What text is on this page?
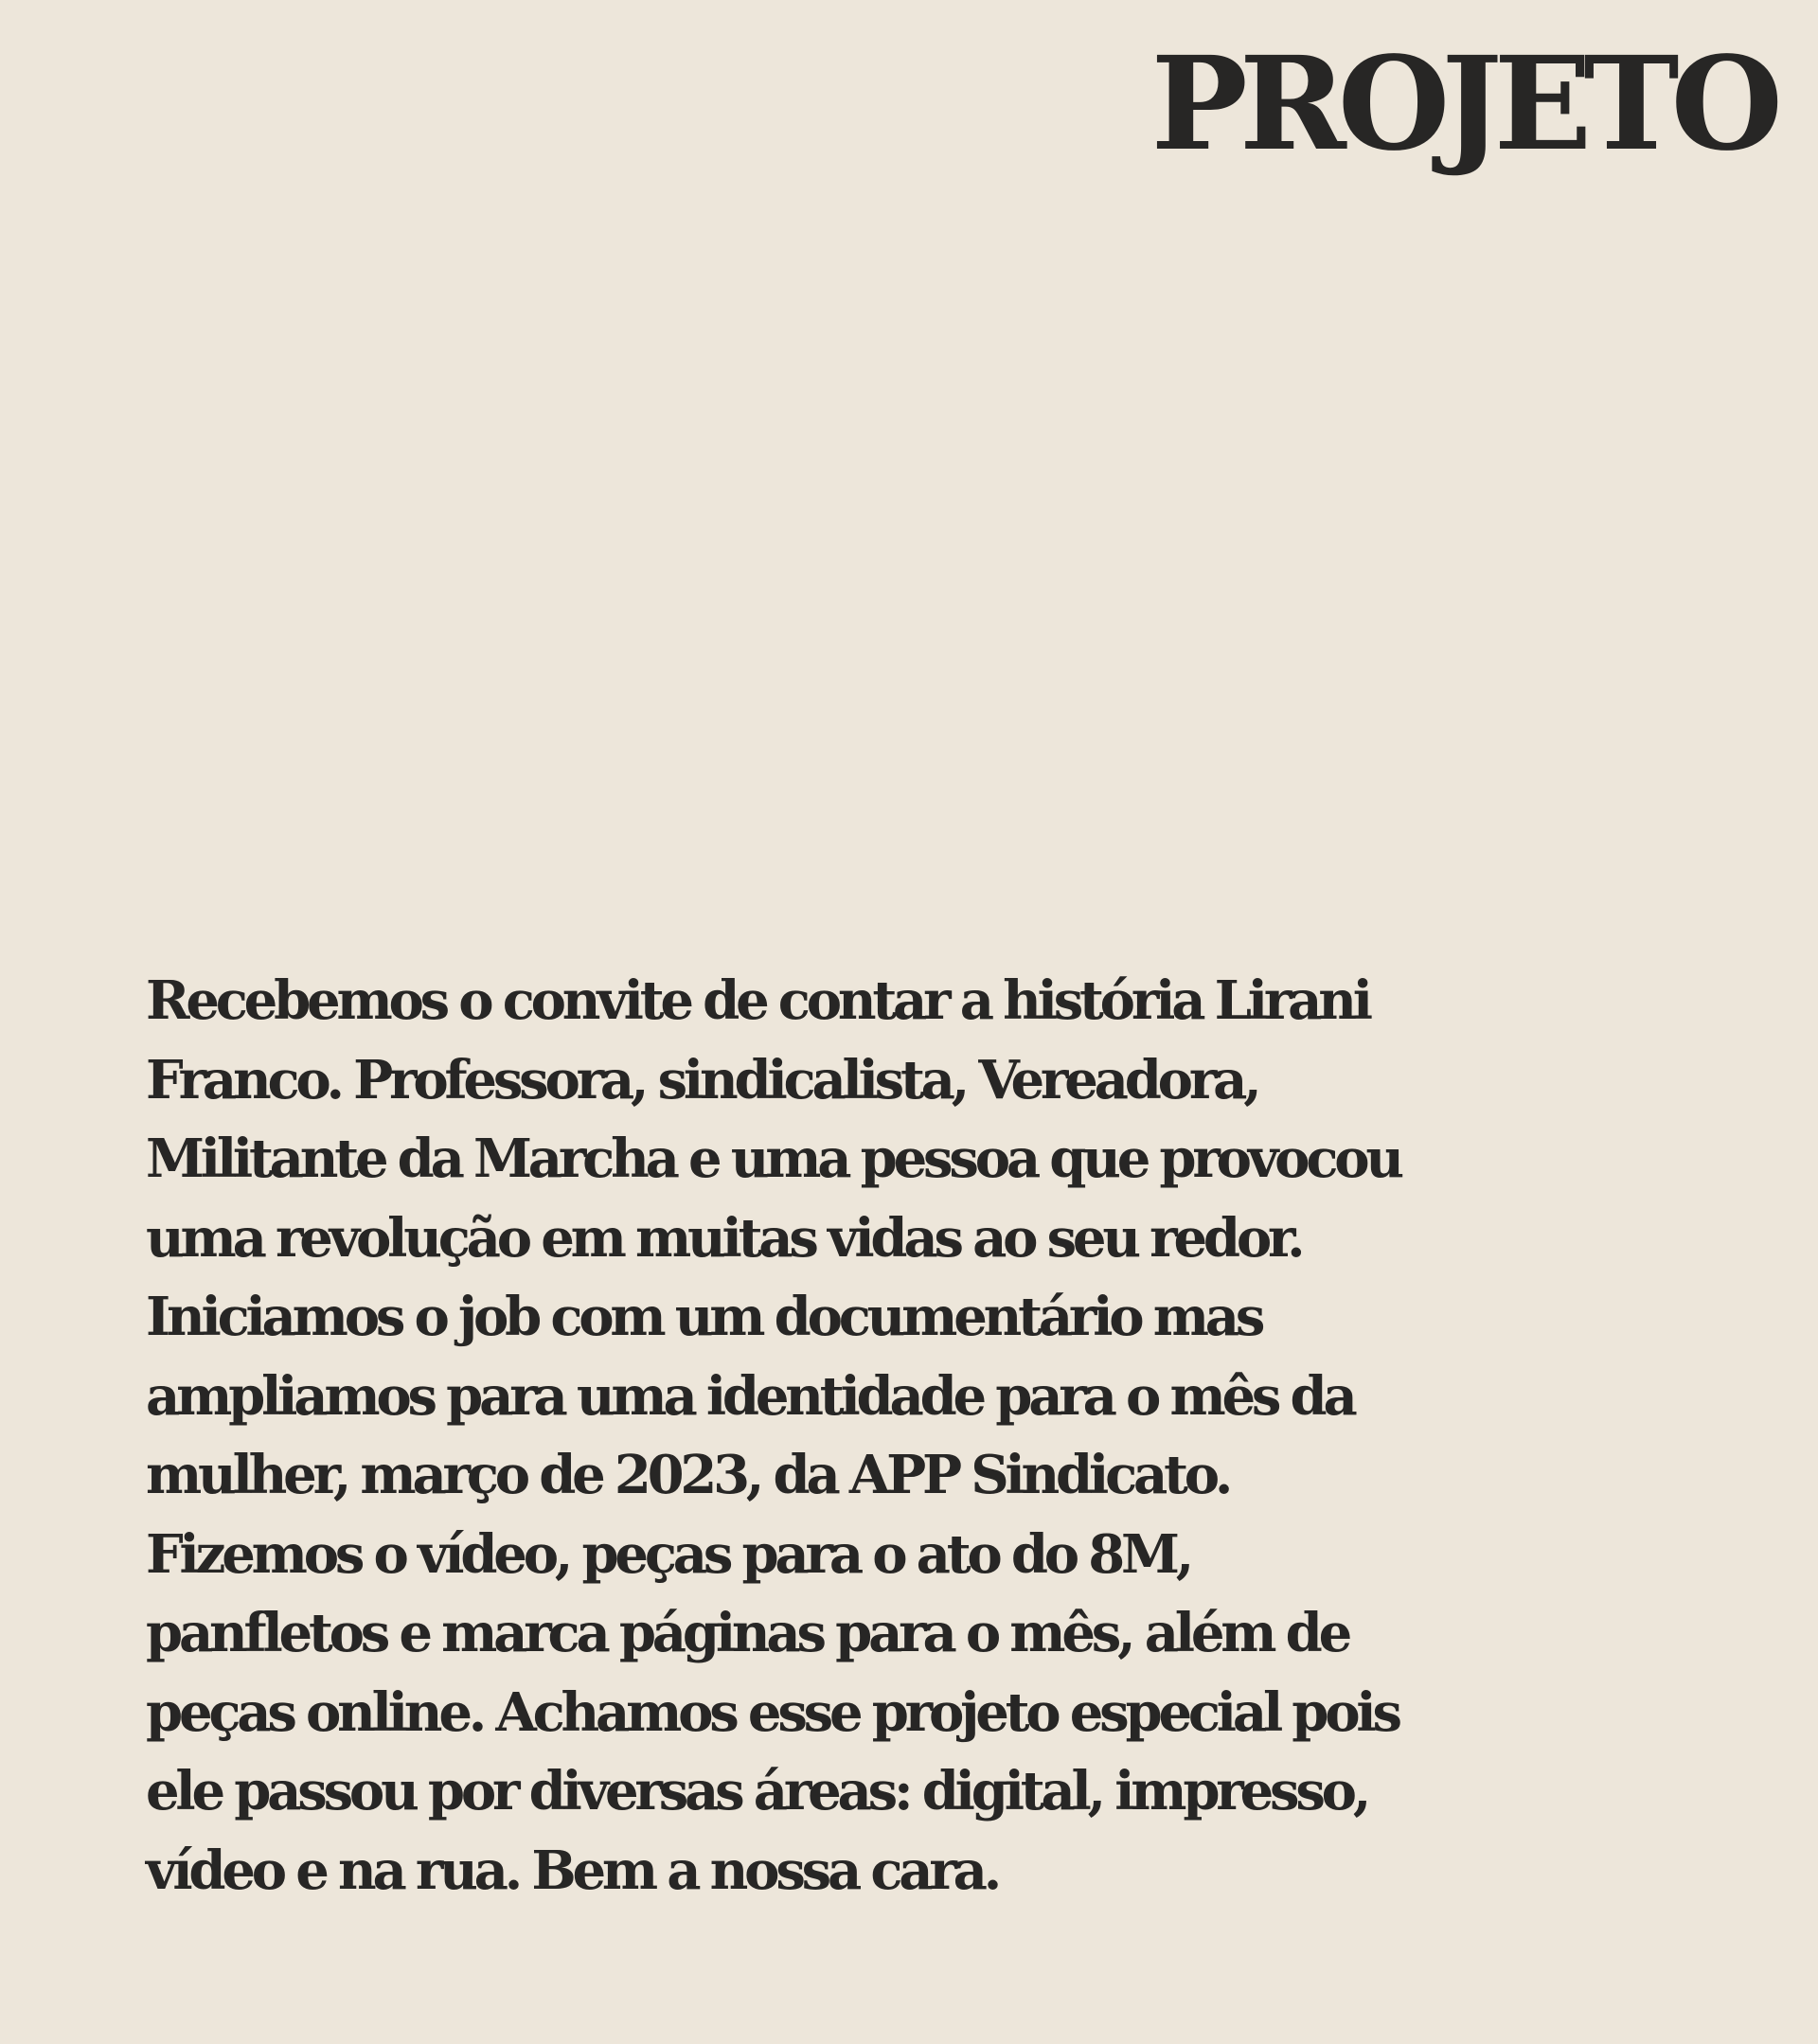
PROJETO

Recebemos o convite de contar a história Lirani
Franco. Professora, sindicalista, Vereadora,
Militante da Marcha e uma pessoa que provocou
uma revolução em muitas vidas ao seu redor.
Iniciamos o job com um documentário mas
ampliamos para uma identidade para o mês da
mulher, março de 2023, da APP Sindicato.
Fizemos o vídeo, peças para o ato do 8M,
panfletos e marca páginas para o mês, além de
peças online. Achamos esse projeto especial pois
ele passou por diversas áreas: digital, impresso,
vídeo e na rua. Bem a nossa cara.
